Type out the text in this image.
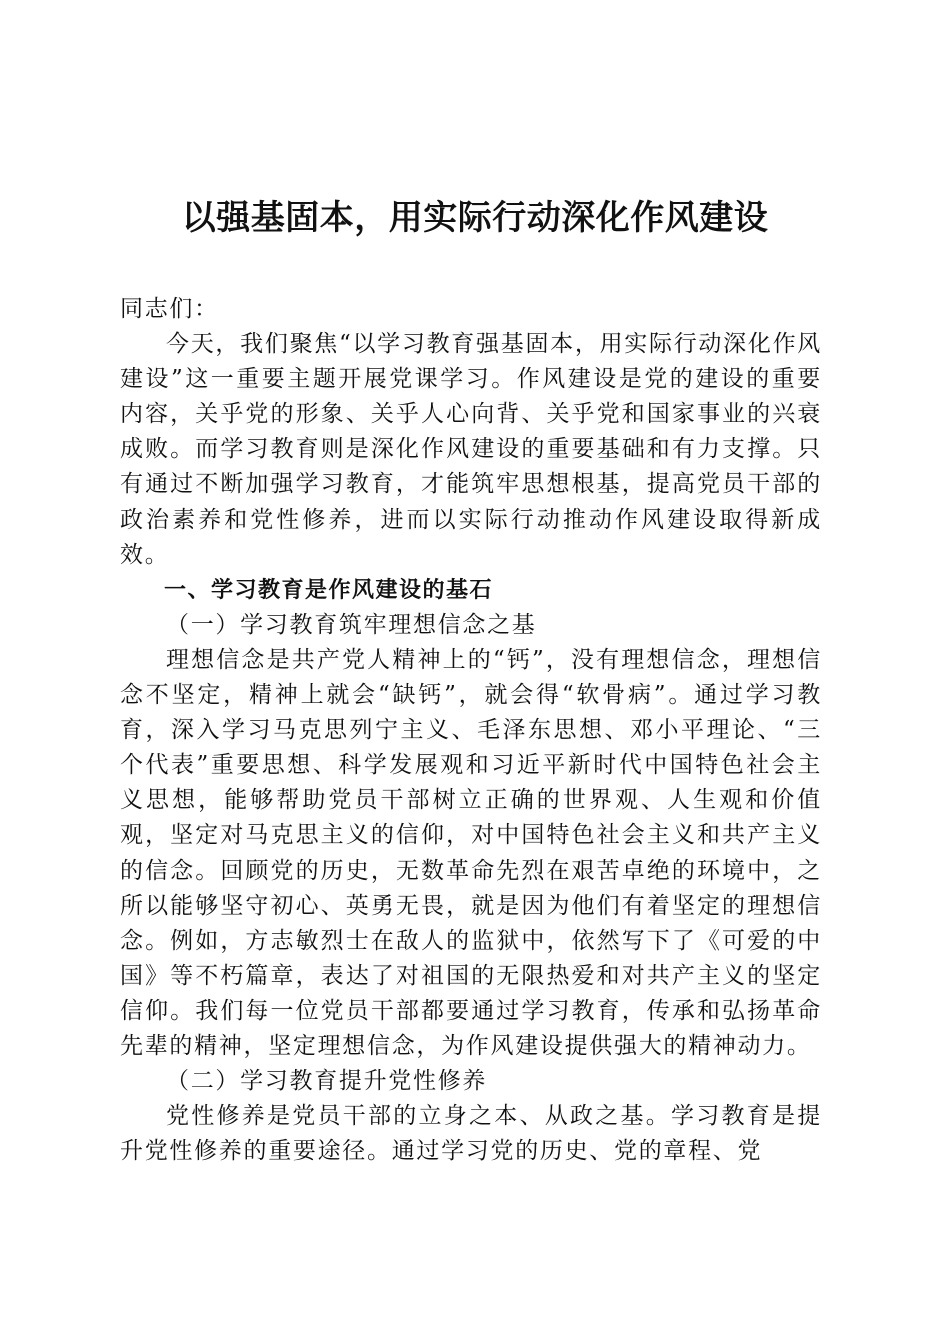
以强基固本，用实际行动深化作风建设

同志们：

今天，我们聚焦“以学习教育强基固本，用实际行动深化作风建设”这一重要主题开展党课学习。作风建设是党的建设的重要内容，关乎党的形象、关乎人心向背、关乎党和国家事业的兴衰成败。而学习教育则是深化作风建设的重要基础和有力支撑。只有通过不断加强学习教育，才能筑牢思想根基，提高党员干部的政治素养和党性修养，进而以实际行动推动作风建设取得新成效。

一、学习教育是作风建设的基石

（一）学习教育筑牢理想信念之基

理想信念是共产党人精神上的“钙”，没有理想信念，理想信念不坚定，精神上就会“缺钙”，就会得“软骨病”。通过学习教育，深入学习马克思列宁主义、毛泽东思想、邓小平理论、“三个代表”重要思想、科学发展观和习近平新时代中国特色社会主义思想，能够帮助党员干部树立正确的世界观、人生观和价值观，坚定对马克思主义的信仰，对中国特色社会主义和共产主义的信念。回顾党的历史，无数革命先烈在艰苦卓绝的环境中，之所以能够坚守初心、英勇无畏，就是因为他们有着坚定的理想信念。例如，方志敏烈士在敌人的监狱中，依然写下了《可爱的中国》等不朽篇章，表达了对祖国的无限热爱和对共产主义的坚定信仰。我们每一位党员干部都要通过学习教育，传承和弘扬革命先辈的精神，坚定理想信念，为作风建设提供强大的精神动力。

（二）学习教育提升党性修养

党性修养是党员干部的立身之本、从政之基。学习教育是提升党性修养的重要途径。通过学习党的历史、党的章程、党
